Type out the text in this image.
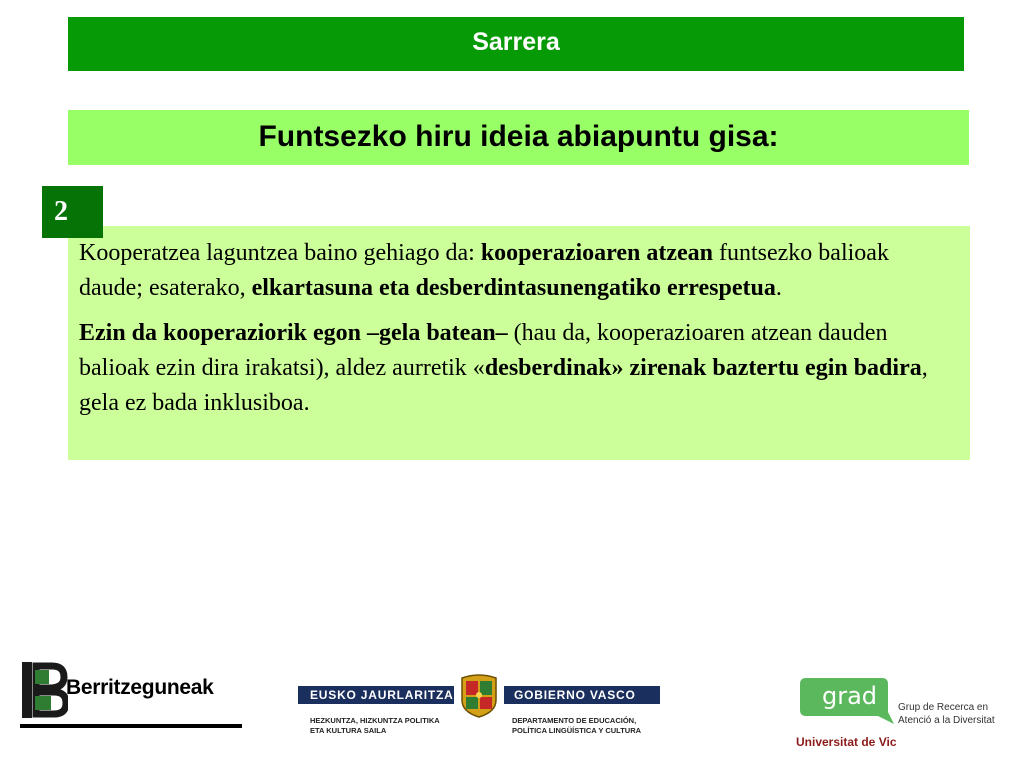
Sarrera
Funtsezko hiru ideia abiapuntu gisa:

Kooperatzea laguntzea baino gehiago da: kooperazioaren atzean funtsezko balioak daude; esaterako, elkartasuna eta desberdintasunengatiko errespetua.

Ezin da kooperaziorik egon –gela batean– (hau da, kooperazioaren atzean dauden balioak ezin dira irakatsi), aldez aurretik «desberdinak» zirenak baztertu egin badira, gela ez bada inklusiboa.

2
Berritzeguneak	EUSKO JAURLARITZA	GOBIERNO VASCO
HEZKUNTZA, HIZKUNTZA POLITIKA
ETA KULTURA SAILA
DEPARTAMENTO DE EDUCACIÓN,
POLÍTICA LINGÜÍSTICA Y CULTURA
grad Grup de Recerca en
Atenció a la Diversitat
Universitat de Vic
